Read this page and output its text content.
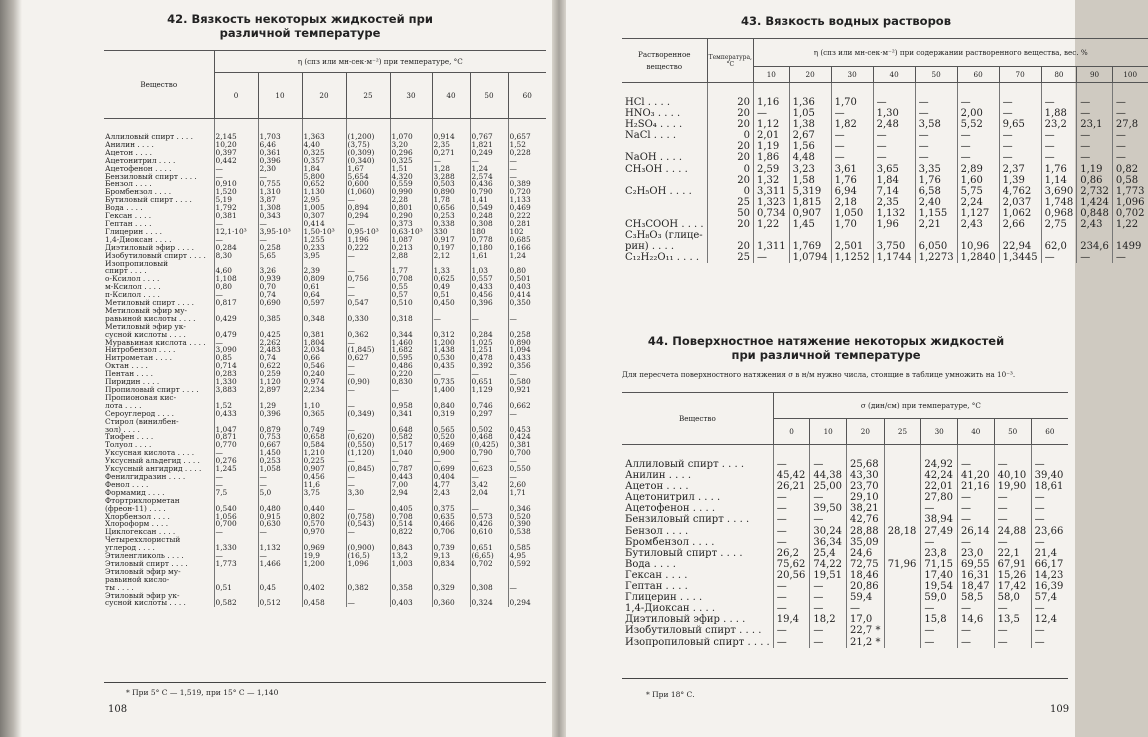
42. Вязкость некоторых жидкостей при различной температуре
Вещество	η (спз или мн-сек·м⁻²) при температуре, °С							
	0	10	20	25	30	40	50	60
Аллиловый спирт . . . .	2,145	1,703	1,363	(1,200)	1,070	0,914	0,767	0,657
Анилин . . . .	10,20	6,46	4,40	(3,75)	3,20	2,35	1,821	1,52
Ацетон . . . .	0,397	0,361	0,325	(0,309)	0,296	0,271	0,249	0,228
Ацетонитрил . . . .	0,442	0,396	0,357	(0,340)	0,325	—	—	—
Ацетофенон . . . .	—	2,30	1,84	1,67	1,51	1,28	1,24	—
Бензиловый спирт . . . .	—	—	5,800	5,654	4,320	3,288	2,574	—
Бензол . . . .	0,910	0,755	0,652	0,600	0,559	0,503	0,436	0,389
Бромбензол . . . .	1,520	1,310	1,130	(1,060)	0,990	0,890	0,790	0,720
Бутиловый спирт . . . .	5,19	3,87	2,95	—	2,28	1,78	1,41	1,133
Вода . . . .	1,792	1,308	1,005	0,894	0,801	0,656	0,549	0,469
Гексан . . . .	0,381	0,343	0,307	0,294	0,290	0,253	0,248	0,222
Гептан . . . .	—	—	0,414	—	0,373	0,338	0,308	0,281
Глицерин . . . .	12,1·10³	3,95·10³	1,50·10³	0,95·10³	0,63·10³	330	180	102
1,4-Диоксан . . . .	—	—	1,255	1,196	1,087	0,917	0,778	0,685
Диэтиловый эфир . . . .	0,284	0,258	0,233	0,222	0,213	0,197	0,180	0,166
Изобутиловый спирт . . . .	8,30	5,65	3,95	—	2,88	2,12	1,61	1,24
Изопропиловый								
спирт . . . .	4,60	3,26	2,39	—	1,77	1,33	1,03	0,80
о-Ксилол . . . .	1,108	0,939	0,809	0,756	0,708	0,625	0,557	0,501
м-Ксилол . . . .	0,80	0,70	0,61	—	0,55	0,49	0,433	0,403
п-Ксилол . . . .	—	0,74	0,64	—	0,57	0,51	0,456	0,414
Метиловый спирт . . . .	0,817	0,690	0,597	0,547	0,510	0,450	0,396	0,350
Метиловый эфир му-								
равьиной кислоты . . . .	0,429	0,385	0,348	0,330	0,318	—	—	—
Метиловый эфир ук-								
сусной кислоты . . . .	0,479	0,425	0,381	0,362	0,344	0,312	0,284	0,258
Муравьиная кислота . . . .	—	2,262	1,804	—	1,460	1,200	1,025	0,890
Нитробензол . . . .	3,090	2,483	2,034	(1,845)	1,682	1,438	1,251	1,094
Нитрометан . . . .	0,85	0,74	0,66	0,627	0,595	0,530	0,478	0,433
Октан . . . .	0,714	0,622	0,546	—	0,486	0,435	0,392	0,356
Пентан . . . .	0,283	0,259	0,240	—	0,220	—	—	—
Пиридин . . . .	1,330	1,120	0,974	(0,90)	0,830	0,735	0,651	0,580
Пропиловый спирт . . . .	3,883	2,897	2,234	—	—	1,400	1,129	0,921
Пропионовая кис-								
лота . . . .	1,52	1,29	1,10	—	0,958	0,840	0,746	0,662
Сероуглерод . . . .	0,433	0,396	0,365	(0,349)	0,341	0,319	0,297	—
Стирол (винилбен-								
зол) . . . .	1,047	0,879	0,749	—	0,648	0,565	0,502	0,453
Тиофен . . . .	0,871	0,753	0,658	(0,620)	0,582	0,520	0,468	0,424
Толуол . . . .	0,770	0,667	0,584	(0,550)	0,517	0,469	(0,425)	0,381
Уксусная кислота . . . .	—	1,450	1,210	(1,120)	1,040	0,900	0,790	0,700
Уксусный альдегид . . . .	0,276	0,253	0,225	—	—	—	—	—
Уксусный ангидрид . . . .	1,245	1,058	0,907	(0,845)	0,787	0,699	0,623	0,550
Фенилгидразин . . . .	—	—	0,456	—	0,443	0,404	—	—
Фенол . . . .	—	—	11,6	—	7,00	4,77	3,42	2,60
Формамид . . . .	7,5	5,0	3,75	3,30	2,94	2,43	2,04	1,71
Фтортрихлорметан								
(фреон-11) . . . .	0,540	0,480	0,440	—	0,405	0,375	—	0,346
Хлорбензол . . . .	1,056	0,915	0,802	(0,758)	0,708	0,635	0,573	0,520
Хлороформ . . . .	0,700	0,630	0,570	(0,543)	0,514	0,466	0,426	0,390
Циклогексан . . . .	—	—	0,970	—	0,822	0,706	0,610	0,538
Четыреххлористый								
углерод . . . .	1,330	1,132	0,969	(0,900)	0,843	0,739	0,651	0,585
Этиленгликоль . . . .	—	—	19,9	(16,5)	13,2	9,13	(6,65)	4,95
Этиловый спирт . . . .	1,773	1,466	1,200	1,096	1,003	0,834	0,702	0,592
Этиловый эфир му-								
равьиной кисло-								
ты . . . .	0,51	0,45	0,402	0,382	0,358	0,329	0,308	—
Этиловый эфир ук-								
сусной кислоты . . . .	0,582	0,512	0,458	—	0,403	0,360	0,324	0,294
* При 5° С — 1,519, при 15° С — 1,140
108
43. Вязкость водных растворов
Растворенное вещество	Температура, °С	η (спз или мн-сек·м⁻²) при содержании растворенного вещества, вес. %									
		10	20	30	40	50	60	70	80	90	100
HCl . . . .	20	1,16	1,36	1,70	—	—	—	—	—	—	—
HNO₃ . . . .	20	—	1,05	—	1,30	—	2,00	—	1,88	—	—
H₂SO₄ . . . .	20	1,12	1,38	1,82	2,48	3,58	5,52	9,65	23,2	23,1	27,8
NaCl . . . .	0	2,01	2,67	—	—	—	—	—	—	—	—
	20	1,19	1,56	—	—	—	—	—	—	—	—
NaOH . . . .	20	1,86	4,48	—	—	—	—	—	—	—	—
CH₃OH . . . .	0	2,59	3,23	3,61	3,65	3,35	2,89	2,37	1,76	1,19	0,82
	20	1,32	1,58	1,76	1,84	1,76	1,60	1,39	1,14	0,86	0,58
C₂H₅OH . . . .	0	3,311	5,319	6,94	7,14	6,58	5,75	4,762	3,690	2,732	1,773
	25	1,323	1,815	2,18	2,35	2,40	2,24	2,037	1,748	1,424	1,096
	50	0,734	0,907	1,050	1,132	1,155	1,127	1,062	0,968	0,848	0,702
CH₃COOH . . . .	20	1,22	1,45	1,70	1,96	2,21	2,43	2,66	2,75	2,43	1,22
C₃H₈O₃ (глице-											
рин) . . . .	20	1,311	1,769	2,501	3,750	6,050	10,96	22,94	62,0	234,6	1499
C₁₂H₂₂O₁₁ . . . .	25	—	1,0794	1,1252	1,1744	1,2273	1,2840	1,3445	—	—	—
44. Поверхностное натяжение некоторых жидкостей при различной температуре
Для пересчета поверхностного натяжения σ в н/м нужно числа, стоящие в таблице умножить на 10⁻³.
Вещество	σ (дин/см) при температуре, °С							
	0	10	20	25	30	40	50	60
Аллиловый спирт . . . .	—	—	25,68		24,92	—	—	—
Анилин . . . .	45,42	44,38	43,30		42,24	41,20	40,10	39,40
Ацетон . . . .	26,21	25,00	23,70		22,01	21,16	19,90	18,61
Ацетонитрил . . . .	—	—	29,10		27,80	—	—	—
Ацетофенон . . . .	—	39,50	38,21		—	—	—	—
Бензиловый спирт . . . .	—	—	42,76		38,94	—	—	—
Бензол . . . .	—	30,24	28,88	28,18	27,49	26,14	24,88	23,66
Бромбензол . . . .	—	36,34	35,09		—	—	—	—
Бутиловый спирт . . . .	26,2	25,4	24,6		23,8	23,0	22,1	21,4
Вода . . . .	75,62	74,22	72,75	71,96	71,15	69,55	67,91	66,17
Гексан . . . .	20,56	19,51	18,46		17,40	16,31	15,26	14,23
Гептан . . . .	—	—	20,86		19,54	18,47	17,42	16,39
Глицерин . . . .	—	—	59,4		59,0	58,5	58,0	57,4
1,4-Диоксан . . . .	—	—	—		—	—	—	—
Диэтиловый эфир . . . .	19,4	18,2	17,0		15,8	14,6	13,5	12,4
Изобутиловый спирт . . . .	—	—	22,7 *		—	—	—	—
Изопропиловый спирт . . . .	—	—	21,2 *		—	—	—	—
* При 18° С.
109
